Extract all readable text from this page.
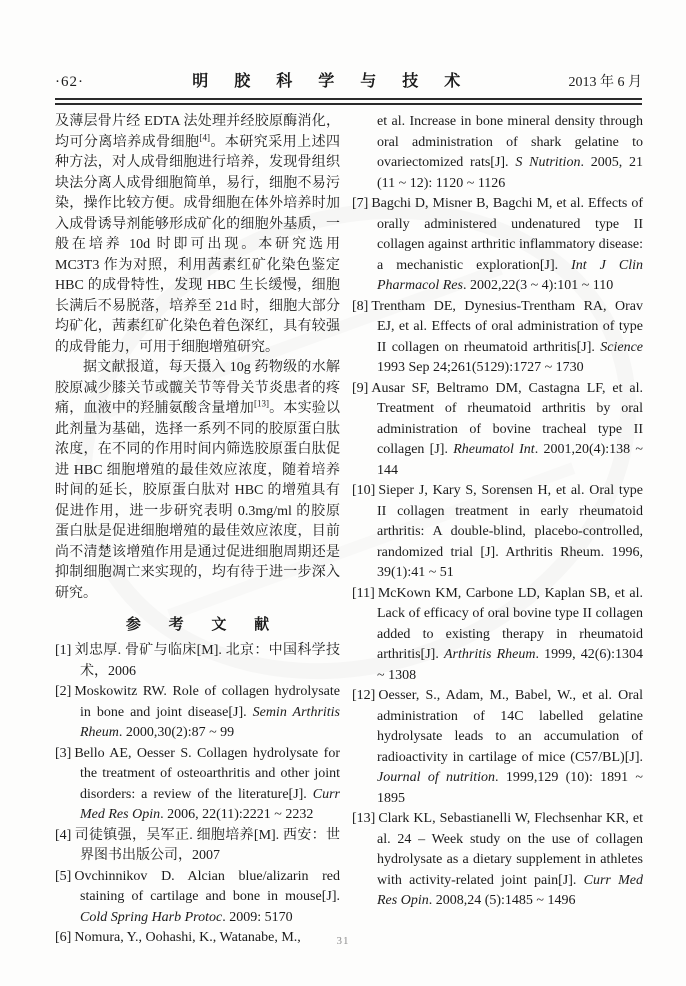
·62·	明 胶 科 学 与 技 术	2013 年 6 月

及薄层骨片经 EDTA 法处理并经胶原酶消化，均可分离培养成骨细胞[4]。本研究采用上述四种方法，对人成骨细胞进行培养，发现骨组织块法分离人成骨细胞简单，易行，细胞不易污染，操作比较方便。成骨细胞在体外培养时加入成骨诱导剂能够形成矿化的细胞外基质，一般在培养 10d 时即可出现。本研究选用 MC3T3 作为对照，利用茜素红矿化染色鉴定 HBC 的成骨特性，发现 HBC 生长缓慢，细胞长满后不易脱落，培养至 21d 时，细胞大部分均矿化，茜素红矿化染色着色深红，具有较强的成骨能力，可用于细胞增殖研究。

据文献报道，每天摄入 10g 药物级的水解胶原减少膝关节或髋关节等骨关节炎患者的疼痛，血液中的羟脯氨酸含量增加[13]。本实验以此剂量为基础，选择一系列不同的胶原蛋白肽浓度，在不同的作用时间内筛选胶原蛋白肽促进 HBC 细胞增殖的最佳效应浓度，随着培养时间的延长，胶原蛋白肽对 HBC 的增殖具有促进作用，进一步研究表明 0.3mg/ml 的胶原蛋白肽是促进细胞增殖的最佳效应浓度，目前尚不清楚该增殖作用是通过促进细胞周期还是抑制细胞凋亡来实现的，均有待于进一步深入研究。

参 考 文 献

[1] 刘忠厚. 骨矿与临床[M]. 北京：中国科学技术，2006

[2] Moskowitz RW. Role of collagen hydrolysate in bone and joint disease[J]. Semin Arthritis Rheum. 2000,30(2):87 ~ 99

[3] Bello AE, Oesser S. Collagen hydrolysate for the treatment of osteoarthritis and other joint disorders: a review of the literature[J]. Curr Med Res Opin. 2006, 22(11):2221 ~ 2232

[4] 司徒镇强，吴军正. 细胞培养[M]. 西安：世界图书出版公司，2007

[5] Ovchinnikov D. Alcian blue/alizarin red staining of cartilage and bone in mouse[J]. Cold Spring Harb Protoc. 2009: 5170

[6] Nomura, Y., Oohashi, K., Watanabe, M.,

et al. Increase in bone mineral density through oral administration of shark gelatine to ovariectomized rats[J]. S Nutrition. 2005, 21 (11 ~ 12): 1120 ~ 1126

[7] Bagchi D, Misner B, Bagchi M, et al. Effects of orally administered undenatured type II collagen against arthritic inflammatory disease: a mechanistic exploration[J]. Int J Clin Pharmacol Res. 2002,22(3 ~ 4):101 ~ 110

[8] Trentham DE, Dynesius-Trentham RA, Orav EJ, et al. Effects of oral administration of type II collagen on rheumatoid arthritis[J]. Science 1993 Sep 24;261(5129):1727 ~ 1730

[9] Ausar SF, Beltramo DM, Castagna LF, et al. Treatment of rheumatoid arthritis by oral administration of bovine tracheal type II collagen [J]. Rheumatol Int. 2001,20(4):138 ~ 144

[10] Sieper J, Kary S, Sorensen H, et al. Oral type II collagen treatment in early rheumatoid arthritis: A double-blind, placebo-controlled, randomized trial [J]. Arthritis Rheum. 1996, 39(1):41 ~ 51

[11] McKown KM, Carbone LD, Kaplan SB, et al. Lack of efficacy of oral bovine type II collagen added to existing therapy in rheumatoid arthritis[J]. Arthritis Rheum. 1999, 42(6):1304 ~ 1308

[12] Oesser, S., Adam, M., Babel, W., et al. Oral administration of 14C labelled gelatine hydrolysate leads to an accumulation of radioactivity in cartilage of mice (C57/BL)[J]. Journal of nutrition. 1999,129 (10): 1891 ~ 1895

[13] Clark KL, Sebastianelli W, Flechsenhar KR, et al. 24 – Week study on the use of collagen hydrolysate as a dietary supplement in athletes with activity-related joint pain[J]. Curr Med Res Opin. 2008,24 (5):1485 ~ 1496

31
